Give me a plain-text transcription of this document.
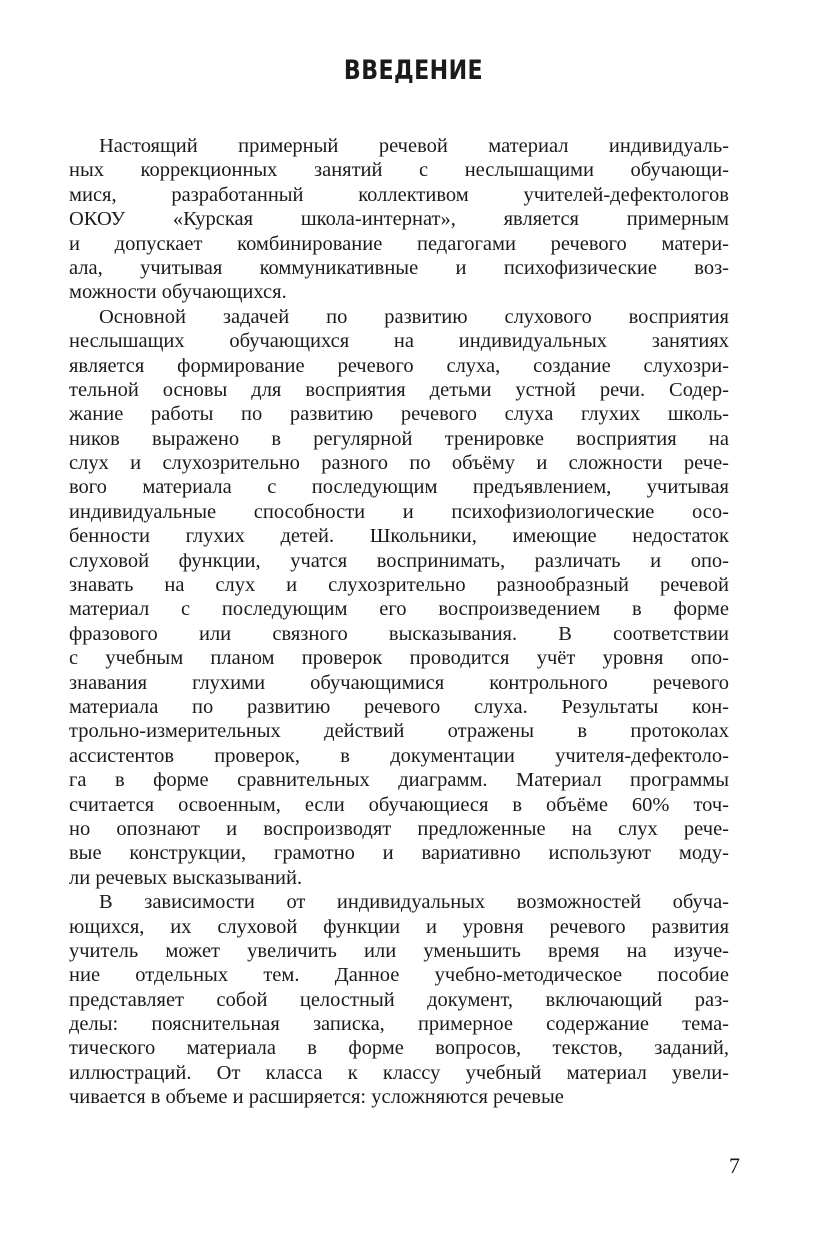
ВВЕДЕНИЕ
Настоящий примерный речевой материал индивидуаль-
ных коррекционных занятий с неслышащими обучающи-
мися, разработанный коллективом учителей-дефектологов
ОКОУ «Курская школа-интернат», является примерным
и допускает комбинирование педагогами речевого матери-
ала, учитывая коммуникативные и психофизические воз-
можности обучающихся.
Основной задачей по развитию слухового восприятия
неслышащих обучающихся на индивидуальных занятиях
является формирование речевого слуха, создание слухозри-
тельной основы для восприятия детьми устной речи. Содер-
жание работы по развитию речевого слуха глухих школь-
ников выражено в регулярной тренировке восприятия на
слух и слухозрительно разного по объёму и сложности рече-
вого материала с последующим предъявлением, учитывая
индивидуальные способности и психофизиологические осо-
бенности глухих детей. Школьники, имеющие недостаток
слуховой функции, учатся воспринимать, различать и опо-
знавать на слух и слухозрительно разнообразный речевой
материал с последующим его воспроизведением в форме
фразового или связного высказывания. В соответствии
с учебным планом проверок проводится учёт уровня опо-
знавания глухими обучающимися контрольного речевого
материала по развитию речевого слуха. Результаты кон-
трольно-измерительных действий отражены в протоколах
ассистентов проверок, в документации учителя-дефектоло-
га в форме сравнительных диаграмм. Материал программы
считается освоенным, если обучающиеся в объёме 60% точ-
но опознают и воспроизводят предложенные на слух рече-
вые конструкции, грамотно и вариативно используют моду-
ли речевых высказываний.
В зависимости от индивидуальных возможностей обуча-
ющихся, их слуховой функции и уровня речевого развития
учитель может увеличить или уменьшить время на изуче-
ние отдельных тем. Данное учебно-методическое пособие
представляет собой целостный документ, включающий раз-
делы: пояснительная записка, примерное содержание тема-
тического материала в форме вопросов, текстов, заданий,
иллюстраций. От класса к классу учебный материал увели-
чивается в объеме и расширяется: усложняются речевые
7
